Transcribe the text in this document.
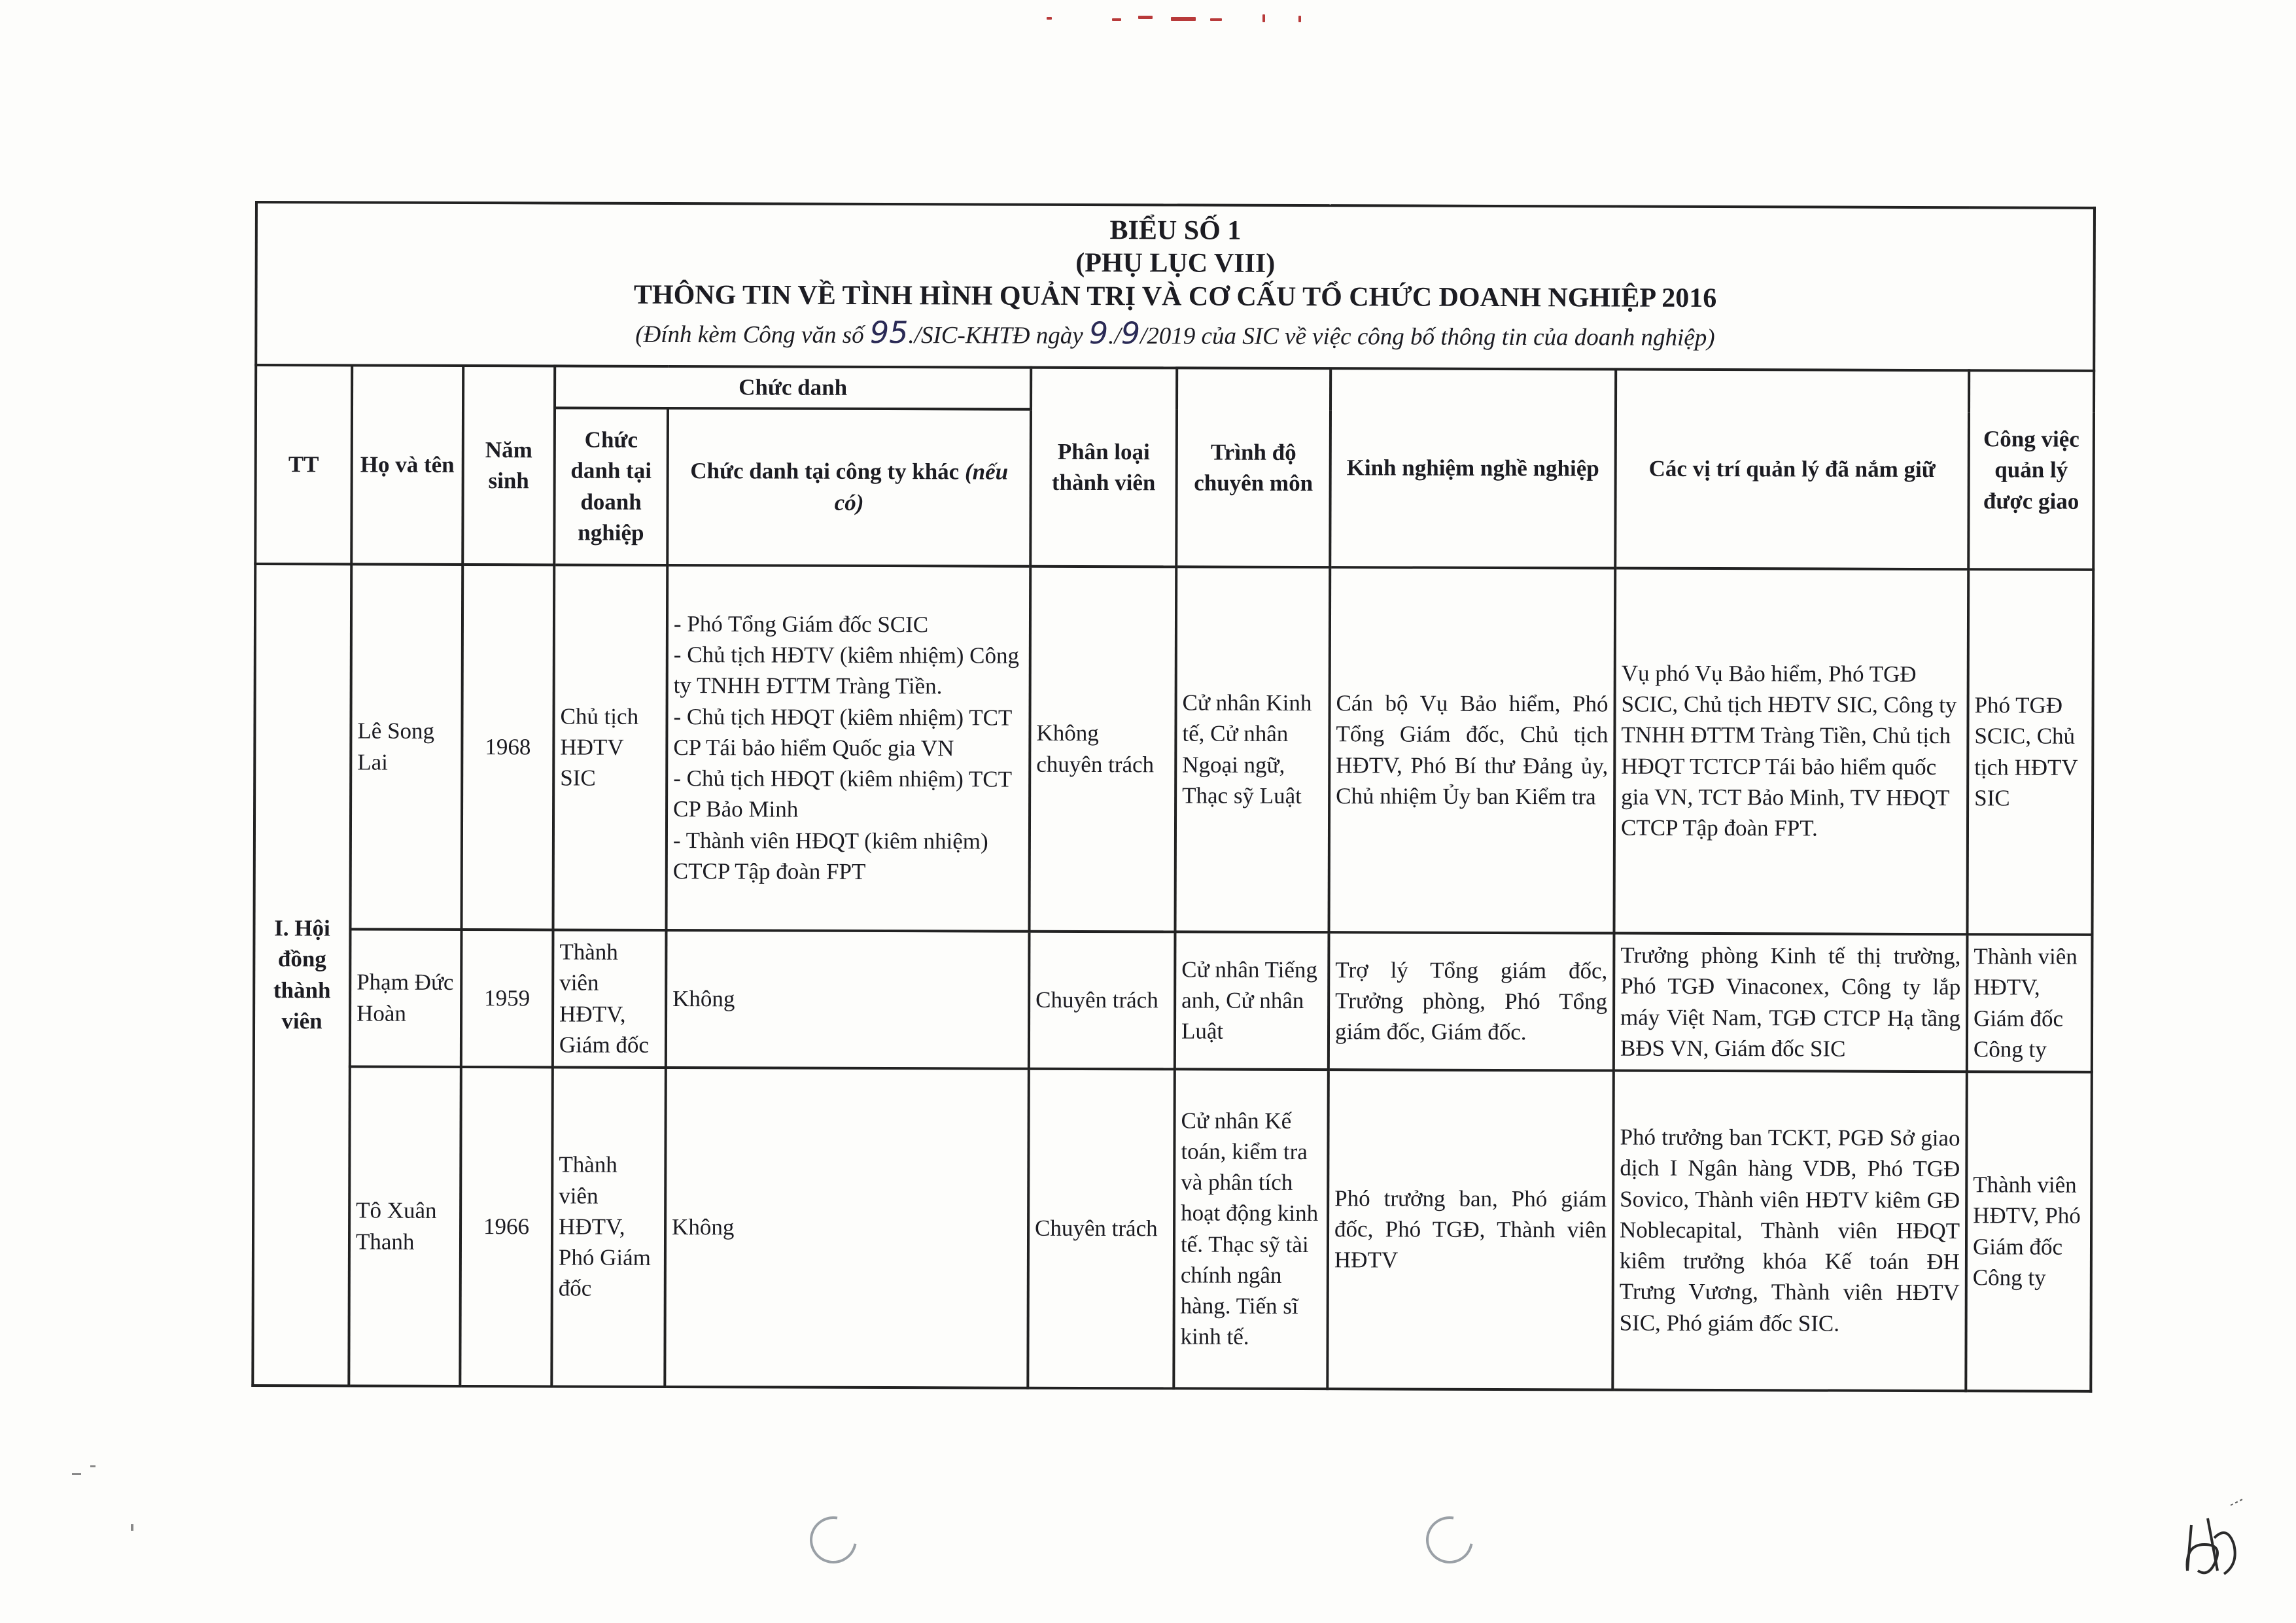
BIỂU SỐ 1
(PHỤ LỤC VIII)
THÔNG TIN VỀ TÌNH HÌNH QUẢN TRỊ VÀ CƠ CẤU TỔ CHỨC DOANH NGHIỆP 2016
(Đính kèm Công văn số 95./SIC-KHTĐ ngày 9./9/2019 của SIC về việc công bố thông tin của doanh nghiệp)									

TT	Họ và tên	Năm sinh	Chức danh		Phân loại thành viên	Trình độ chuyên môn	Kinh nghiệm nghề nghiệp	Các vị trí quản lý đã nắm giữ	Công việc quản lý được giao
			Chức danh tại doanh nghiệp	Chức danh tại công ty khác (nếu có)					
I. Hội đồng thành viên	Lê Song Lai	1968	Chủ tịch HĐTV SIC	- Phó Tổng Giám đốc SCIC
- Chủ tịch HĐTV (kiêm nhiệm) Công ty TNHH ĐTTM Tràng Tiền.
- Chủ tịch HĐQT (kiêm nhiệm) TCT CP Tái bảo hiểm Quốc gia VN
- Chủ tịch HĐQT (kiêm nhiệm) TCT CP Bảo Minh
- Thành viên HĐQT (kiêm nhiệm) CTCP Tập đoàn FPT	Không chuyên trách	Cử nhân Kinh tế, Cử nhân Ngoại ngữ, Thạc sỹ Luật	Cán bộ Vụ Bảo hiểm, Phó Tổng Giám đốc, Chủ tịch HĐTV, Phó Bí thư Đảng ủy, Chủ nhiệm Ủy ban Kiểm tra	Vụ phó Vụ Bảo hiểm, Phó TGĐ SCIC, Chủ tịch HĐTV SIC, Công ty TNHH ĐTTM Tràng Tiền, Chủ tịch HĐQT TCTCP Tái bảo hiểm quốc gia VN, TCT Bảo Minh, TV HĐQT CTCP Tập đoàn FPT.	Phó TGĐ SCIC, Chủ tịch HĐTV SIC
	Phạm Đức Hoàn	1959	Thành viên HĐTV, Giám đốc	Không	Chuyên trách	Cử nhân Tiếng anh, Cử nhân Luật	Trợ lý Tổng giám đốc, Trưởng phòng, Phó Tổng giám đốc, Giám đốc.	Trưởng phòng Kinh tế thị trường, Phó TGĐ Vinaconex, Công ty lắp máy Việt Nam, TGĐ CTCP Hạ tầng BĐS VN, Giám đốc SIC	Thành viên HĐTV, Giám đốc Công ty
	Tô Xuân Thanh	1966	Thành viên HĐTV, Phó Giám đốc	Không	Chuyên trách	Cử nhân Kế toán, kiểm tra và phân tích hoạt động kinh tế. Thạc sỹ tài chính ngân hàng. Tiến sĩ kinh tế.	Phó trưởng ban, Phó giám đốc, Phó TGĐ, Thành viên HĐTV	Phó trưởng ban TCKT, PGĐ Sở giao dịch I Ngân hàng VDB, Phó TGĐ Sovico, Thành viên HĐTV kiêm GĐ Noblecapital, Thành viên HĐQT kiêm trưởng khóa Kế toán ĐH Trưng Vương, Thành viên HĐTV SIC, Phó giám đốc SIC.	Thành viên HĐTV, Phó Giám đốc Công ty
